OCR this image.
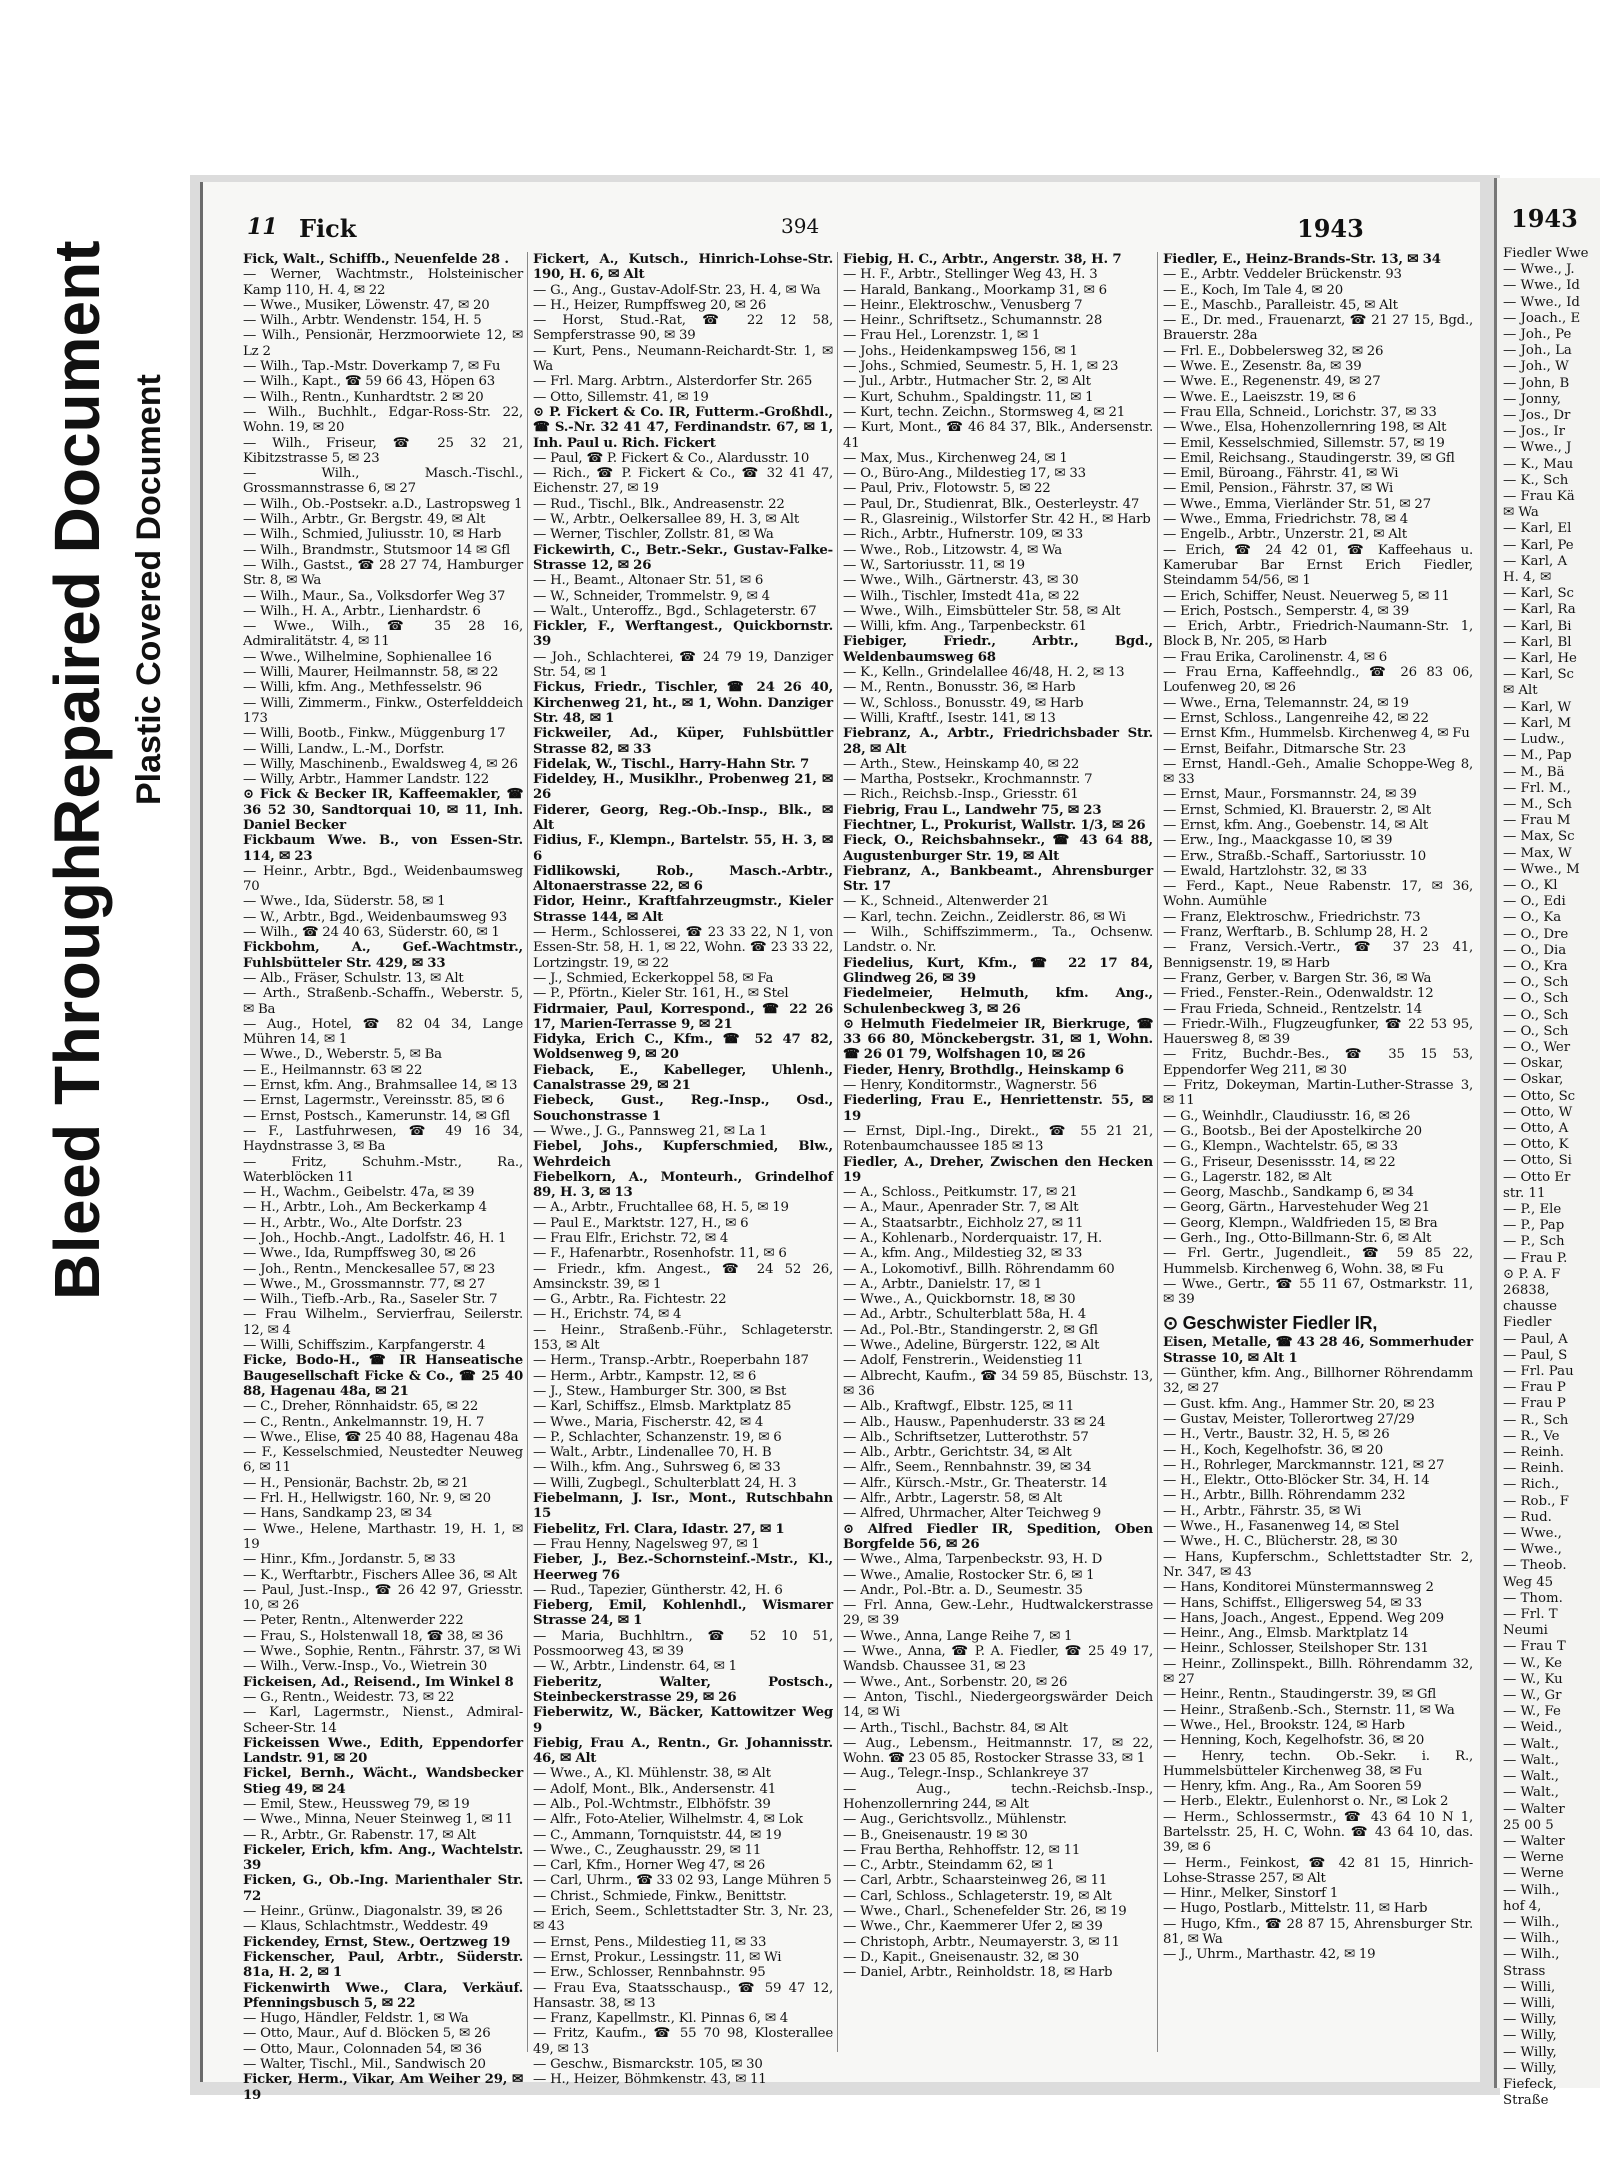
Bleed Through
Repaired Document Plastic Covered Document
11 Fick	394	1943
Fick, Walt., Schiffb., Neuenfelde 28 .
— Werner, Wachtmstr., Holsteinischer Kamp 110, H. 4, ✉ 22
— Wwe., Musiker, Löwenstr. 47, ✉ 20
— Wilh., Arbtr. Wendenstr. 154, H. 5
— Wilh., Pensionär, Herzmoorwiete 12, ✉ Lz 2
— Wilh., Tap.-Mstr. Doverkamp 7, ✉ Fu
— Wilh., Kapt., ☎ 59 66 43, Höpen 63
— Wilh., Rentn., Kunhardtstr. 2 ✉ 20
— Wilh., Buchhlt., Edgar-Ross-Str. 22, Wohn. 19, ✉ 20
— Wilh., Friseur, ☎ 25 32 21, Kibitzstrasse 5, ✉ 23
— Wilh., Masch.-Tischl., Grossmannstrasse 6, ✉ 27
— Wilh., Ob.-Postsekr. a.D., Lastropsweg 1
— Wilh., Arbtr., Gr. Bergstr. 49, ✉ Alt
— Wilh., Schmied, Juliusstr. 10, ✉ Harb
— Wilh., Brandmstr., Stutsmoor 14 ✉ Gfl
— Wilh., Gastst., ☎ 28 27 74, Hamburger Str. 8, ✉ Wa
— Wilh., Maur., Sa., Volksdorfer Weg 37
— Wilh., H. A., Arbtr., Lienhardstr. 6
— Wwe., Wilh., ☎ 35 28 16, Admiralitätstr. 4, ✉ 11
— Wwe., Wilhelmine, Sophienallee 16
— Willi, Maurer, Heilmannstr. 58, ✉ 22
— Willi, kfm. Ang., Methfesselstr. 96
— Willi, Zimmerm., Finkw., Osterfelddeich 173
— Willi, Bootb., Finkw., Müggenburg 17
— Willi, Landw., L.-M., Dorfstr.
— Willy, Maschinenb., Ewaldsweg 4, ✉ 26
— Willy, Arbtr., Hammer Landstr. 122
⊙ Fick & Becker IR, Kaffeemakler, ☎ 36 52 30, Sandtorquai 10, ✉ 11, Inh. Daniel Becker
Fickbaum Wwe. B., von Essen-Str. 114, ✉ 23
— Heinr., Arbtr., Bgd., Weidenbaumsweg 70
— Wwe., Ida, Süderstr. 58, ✉ 1
— W., Arbtr., Bgd., Weidenbaumsweg 93
— Wilh., ☎ 24 40 63, Süderstr. 60, ✉ 1
Fickbohm, A., Gef.-Wachtmstr., Fuhlsbütteler Str. 429, ✉ 33
— Alb., Fräser, Schulstr. 13, ✉ Alt
— Arth., Straßenb.-Schaffn., Weberstr. 5, ✉ Ba
— Aug., Hotel, ☎ 82 04 34, Lange Mühren 14, ✉ 1
— Wwe., D., Weberstr. 5, ✉ Ba
— E., Heilmannstr. 63 ✉ 22
— Ernst, kfm. Ang., Brahmsallee 14, ✉ 13
— Ernst, Lagermstr., Vereinsstr. 85, ✉ 6
— Ernst, Postsch., Kamerunstr. 14, ✉ Gfl
— F., Lastfuhrwesen, ☎ 49 16 34, Haydnstrasse 3, ✉ Ba
— Fritz, Schuhm.-Mstr., Ra., Waterblöcken 11
— H., Wachm., Geibelstr. 47a, ✉ 39
— H., Arbtr., Loh., Am Beckerkamp 4
— H., Arbtr., Wo., Alte Dorfstr. 23
— Joh., Hochb.-Angt., Ladolfstr. 46, H. 1
— Wwe., Ida, Rumpffsweg 30, ✉ 26
— Joh., Rentn., Menckesallee 57, ✉ 23
— Wwe., M., Grossmannstr. 77, ✉ 27
— Wilh., Tiefb.-Arb., Ra., Saseler Str. 7
— Frau Wilhelm., Servierfrau, Seilerstr. 12, ✉ 4
— Willi, Schiffszim., Karpfangerstr. 4
Ficke, Bodo-H., ☎ IR Hanseatische Baugesellschaft Ficke & Co., ☎ 25 40 88, Hagenau 48a, ✉ 21
— C., Dreher, Rönnhaidstr. 65, ✉ 22
— C., Rentn., Ankelmannstr. 19, H. 7
— Wwe., Elise, ☎ 25 40 88, Hagenau 48a
— F., Kesselschmied, Neustedter Neuweg 6, ✉ 11
— H., Pensionär, Bachstr. 2b, ✉ 21
— Frl. H., Hellwigstr. 160, Nr. 9, ✉ 20
— Hans, Sandkamp 23, ✉ 34
— Wwe., Helene, Marthastr. 19, H. 1, ✉ 19
— Hinr., Kfm., Jordanstr. 5, ✉ 33
— K., Werftarbtr., Fischers Allee 36, ✉ Alt
— Paul, Just.-Insp., ☎ 26 42 97, Griesstr. 10, ✉ 26
— Peter, Rentn., Altenwerder 222
— Frau, S., Holstenwall 18, ☎ 38, ✉ 36
— Wwe., Sophie, Rentn., Fährstr. 37, ✉ Wi
— Wilh., Verw.-Insp., Vo., Wietrein 30
Fickeisen, Ad., Reisend., Im Winkel 8
— G., Rentn., Weidestr. 73, ✉ 22
— Karl, Lagermstr., Nienst., Admiral-Scheer-Str. 14
Fickeissen Wwe., Edith, Eppendorfer Landstr. 91, ✉ 20
Fickel, Bernh., Wächt., Wandsbecker Stieg 49, ✉ 24
— Emil, Stew., Heussweg 79, ✉ 19
— Wwe., Minna, Neuer Steinweg 1, ✉ 11
— R., Arbtr., Gr. Rabenstr. 17, ✉ Alt
Fickeler, Erich, kfm. Ang., Wachtelstr. 39
Ficken, G., Ob.-Ing. Marienthaler Str. 72
— Heinr., Grünw., Diagonalstr. 39, ✉ 26
— Klaus, Schlachtmstr., Weddestr. 49
Fickendey, Ernst, Stew., Oertzweg 19
Fickenscher, Paul, Arbtr., Süderstr. 81a, H. 2, ✉ 1
Fickenwirth Wwe., Clara, Verkäuf. Pfenningsbusch 5, ✉ 22
— Hugo, Händler, Feldstr. 1, ✉ Wa
— Otto, Maur., Auf d. Blöcken 5, ✉ 26
— Otto, Maur., Colonnaden 54, ✉ 36
— Walter, Tischl., Mil., Sandwisch 20
Ficker, Herm., Vikar, Am Weiher 29, ✉ 19
Fickert, A., Kutsch., Hinrich-Lohse-Str. 190, H. 6, ✉ Alt
— G., Ang., Gustav-Adolf-Str. 23, H. 4, ✉ Wa
— H., Heizer, Rumpffsweg 20, ✉ 26
— Horst, Stud.-Rat, ☎ 22 12 58, Sempferstrasse 90, ✉ 39
— Kurt, Pens., Neumann-Reichardt-Str. 1, ✉ Wa
— Frl. Marg. Arbtrn., Alsterdorfer Str. 265
— Otto, Sillemstr. 41, ✉ 19
⊙ P. Fickert & Co. IR, Futterm.-Großhdl., ☎ S.-Nr. 32 41 47, Ferdinandstr. 67, ✉ 1, Inh. Paul u. Rich. Fickert
— Paul, ☎ P. Fickert & Co., Alardusstr. 10
— Rich., ☎ P. Fickert & Co., ☎ 32 41 47, Eichenstr. 27, ✉ 19
— Rud., Tischl., Blk., Andreasenstr. 22
— W., Arbtr., Oelkersallee 89, H. 3, ✉ Alt
— Werner, Tischler, Zollstr. 81, ✉ Wa
Fickewirth, C., Betr.-Sekr., Gustav-Falke-Strasse 12, ✉ 26
— H., Beamt., Altonaer Str. 51, ✉ 6
— W., Schneider, Trommelstr. 9, ✉ 4
— Walt., Unteroffz., Bgd., Schlageterstr. 67
Fickler, F., Werftangest., Quickbornstr. 39
— Joh., Schlachterei, ☎ 24 79 19, Danziger Str. 54, ✉ 1
Fickus, Friedr., Tischler, ☎ 24 26 40, Kirchenweg 21, ht., ✉ 1, Wohn. Danziger Str. 48, ✉ 1
Fickweiler, Ad., Küper, Fuhlsbüttler Strasse 82, ✉ 33
Fidelak, W., Tischl., Harry-Hahn Str. 7
Fideldey, H., Musiklhr., Probenweg 21, ✉ 26
Fiderer, Georg, Reg.-Ob.-Insp., Blk., ✉ Alt
Fidius, F., Klempn., Bartelstr. 55, H. 3, ✉ 6
Fidlikowski, Rob., Masch.-Arbtr., Altonaerstrasse 22, ✉ 6
Fidor, Heinr., Kraftfahrzeugmstr., Kieler Strasse 144, ✉ Alt
— Herm., Schlosserei, ☎ 23 33 22, N 1, von Essen-Str. 58, H. 1, ✉ 22, Wohn. ☎ 23 33 22, Lortzingstr. 19, ✉ 22
— J., Schmied, Eckerkoppel 58, ✉ Fa
— P., Pförtn., Kieler Str. 161, H., ✉ Stel
Fidrmaier, Paul, Korrespond., ☎ 22 26 17, Marien-Terrasse 9, ✉ 21
Fidyka, Erich C., Kfm., ☎ 52 47 82, Woldsenweg 9, ✉ 20
Fieback, E., Kabelleger, Uhlenh., Canalstrasse 29, ✉ 21
Fiebeck, Gust., Reg.-Insp., Osd., Souchonstrasse 1
— Wwe., J. G., Pannsweg 21, ✉ La 1
Fiebel, Johs., Kupferschmied, Blw., Wehrdeich
Fiebelkorn, A., Monteurh., Grindelhof 89, H. 3, ✉ 13
— A., Arbtr., Fruchtallee 68, H. 5, ✉ 19
— Paul E., Marktstr. 127, H., ✉ 6
— Frau Elfr., Erichstr. 72, ✉ 4
— F., Hafenarbtr., Rosenhofstr. 11, ✉ 6
— Friedr., kfm. Angest., ☎ 24 52 26, Amsinckstr. 39, ✉ 1
— G., Arbtr., Ra. Fichtestr. 22
— H., Erichstr. 74, ✉ 4
— Heinr., Straßenb.-Führ., Schlageterstr. 153, ✉ Alt
— Herm., Transp.-Arbtr., Roeperbahn 187
— Herm., Arbtr., Kampstr. 12, ✉ 6
— J., Stew., Hamburger Str. 300, ✉ Bst
— Karl, Schiffsz., Elmsb. Marktplatz 85
— Wwe., Maria, Fischerstr. 42, ✉ 4
— P., Schlachter, Schanzenstr. 19, ✉ 6
— Walt., Arbtr., Lindenallee 70, H. B
— Wilh., kfm. Ang., Suhrsweg 6, ✉ 33
— Willi, Zugbegl., Schulterblatt 24, H. 3
Fiebelmann, J. Isr., Mont., Rutschbahn 15
Fiebelitz, Frl. Clara, Idastr. 27, ✉ 1
— Frau Henny, Nagelsweg 97, ✉ 1
Fieber, J., Bez.-Schornsteinf.-Mstr., Kl., Heerweg 76
— Rud., Tapezier, Güntherstr. 42, H. 6
Fieberg, Emil, Kohlenhdl., Wismarer Strasse 24, ✉ 1
— Maria, Buchhltrn., ☎ 52 10 51, Possmoorweg 43, ✉ 39
— W., Arbtr., Lindenstr. 64, ✉ 1
Fieberitz, Walter, Postsch., Steinbeckerstrasse 29, ✉ 26
Fieberwitz, W., Bäcker, Kattowitzer Weg 9
Fiebig, Frau A., Rentn., Gr. Johannisstr. 46, ✉ Alt
— Wwe., A., Kl. Mühlenstr. 38, ✉ Alt
— Adolf, Mont., Blk., Andersenstr. 41
— Alb., Pol.-Wchtmstr., Elbhöfstr. 39
— Alfr., Foto-Atelier, Wilhelmstr. 4, ✉ Lok
— C., Ammann, Tornquiststr. 44, ✉ 19
— Wwe., C., Zeughausstr. 29, ✉ 11
— Carl, Kfm., Horner Weg 47, ✉ 26
— Carl, Uhrm., ☎ 33 02 93, Lange Mühren 5
— Christ., Schmiede, Finkw., Benittstr.
— Erich, Seem., Schlettstadter Str. 3, Nr. 23, ✉ 43
— Ernst, Pens., Mildestieg 11, ✉ 33
— Ernst, Prokur., Lessingstr. 11, ✉ Wi
— Erw., Schlosser, Rennbahnstr. 95
— Frau Eva, Staatsschausp., ☎ 59 47 12, Hansastr. 38, ✉ 13
— Franz, Kapellmstr., Kl. Pinnas 6, ✉ 4
— Fritz, Kaufm., ☎ 55 70 98, Klosterallee 49, ✉ 13
— Geschw., Bismarckstr. 105, ✉ 30
— H., Heizer, Böhmkenstr. 43, ✉ 11
Fiebig, H. C., Arbtr., Angerstr. 38, H. 7
— H. F., Arbtr., Stellinger Weg 43, H. 3
— Harald, Bankang., Moorkamp 31, ✉ 6
— Heinr., Elektroschw., Venusberg 7
— Heinr., Schriftsetz., Schumannstr. 28
— Frau Hel., Lorenzstr. 1, ✉ 1
— Johs., Heidenkampsweg 156, ✉ 1
— Johs., Schmied, Seumestr. 5, H. 1, ✉ 23
— Jul., Arbtr., Hutmacher Str. 2, ✉ Alt
— Kurt, Schuhm., Spaldingstr. 11, ✉ 1
— Kurt, techn. Zeichn., Stormsweg 4, ✉ 21
— Kurt, Mont., ☎ 46 84 37, Blk., Andersenstr. 41
— Max, Mus., Kirchenweg 24, ✉ 1
— O., Büro-Ang., Mildestieg 17, ✉ 33
— Paul, Priv., Flotowstr. 5, ✉ 22
— Paul, Dr., Studienrat, Blk., Oesterleystr. 47
— R., Glasreinig., Wilstorfer Str. 42 H., ✉ Harb
— Rich., Arbtr., Hufnerstr. 109, ✉ 33
— Wwe., Rob., Litzowstr. 4, ✉ Wa
— W., Sartoriusstr. 11, ✉ 19
— Wwe., Wilh., Gärtnerstr. 43, ✉ 30
— Wilh., Tischler, Imstedt 41a, ✉ 22
— Wwe., Wilh., Eimsbütteler Str. 58, ✉ Alt
— Willi, kfm. Ang., Tarpenbeckstr. 61
Fiebiger, Friedr., Arbtr., Bgd., Weldenbaumsweg 68
— K., Kelln., Grindelallee 46/48, H. 2, ✉ 13
— M., Rentn., Bonusstr. 36, ✉ Harb
— W., Schloss., Bonusstr. 49, ✉ Harb
— Willi, Kraftf., Isestr. 141, ✉ 13
Fiebranz, A., Arbtr., Friedrichsbader Str. 28, ✉ Alt
— Arth., Stew., Heinskamp 40, ✉ 22
— Martha, Postsekr., Krochmannstr. 7
— Rich., Reichsb.-Insp., Griesstr. 61
Fiebrig, Frau L., Landwehr 75, ✉ 23
Fiechtner, L., Prokurist, Wallstr. 1/3, ✉ 26
Fieck, O., Reichsbahnsekr., ☎ 43 64 88, Augustenburger Str. 19, ✉ Alt
Fiebranz, A., Bankbeamt., Ahrensburger Str. 17
— K., Schneid., Altenwerder 21
— Karl, techn. Zeichn., Zeidlerstr. 86, ✉ Wi
— Wilh., Schiffszimmerm., Ta., Ochsenw. Landstr. o. Nr.
Fiedelius, Kurt, Kfm., ☎ 22 17 84, Glindweg 26, ✉ 39
Fiedelmeier, Helmuth, kfm. Ang., Schulenbeckweg 3, ✉ 26
⊙ Helmuth Fiedelmeier IR, Bierkruge, ☎ 33 66 80, Mönckebergstr. 31, ✉ 1, Wohn. ☎ 26 01 79, Wolfshagen 10, ✉ 26
Fieder, Henry, Brothdlg., Heinskamp 6
— Henry, Konditormstr., Wagnerstr. 56
Fiederling, Frau E., Henriettenstr. 55, ✉ 19
— Ernst, Dipl.-Ing., Direkt., ☎ 55 21 21, Rotenbaumchaussee 185 ✉ 13
Fiedler, A., Dreher, Zwischen den Hecken 19
— A., Schloss., Peitkumstr. 17, ✉ 21
— A., Maur., Apenrader Str. 7, ✉ Alt
— A., Staatsarbtr., Eichholz 27, ✉ 11
— A., Kohlenarb., Norderquaistr. 17, H.
— A., kfm. Ang., Mildestieg 32, ✉ 33
— A., Lokomotivf., Billh. Röhrendamm 60
— A., Arbtr., Danielstr. 17, ✉ 1
— Wwe., A., Quickbornstr. 18, ✉ 30
— Ad., Arbtr., Schulterblatt 58a, H. 4
— Ad., Pol.-Btr., Standingerstr. 2, ✉ Gfl
— Wwe., Adeline, Bürgerstr. 122, ✉ Alt
— Adolf, Fenstrerin., Weidenstieg 11
— Albrecht, Kaufm., ☎ 34 59 85, Büschstr. 13, ✉ 36
— Alb., Kraftwgf., Elbstr. 125, ✉ 11
— Alb., Hausw., Papenhuderstr. 33 ✉ 24
— Alb., Schriftsetzer, Lutterothstr. 57
— Alb., Arbtr., Gerichtstr. 34, ✉ Alt
— Alfr., Seem., Rennbahnstr. 39, ✉ 34
— Alfr., Kürsch.-Mstr., Gr. Theaterstr. 14
— Alfr., Arbtr., Lagerstr. 58, ✉ Alt
— Alfred, Uhrmacher, Alter Teichweg 9
⊙ Alfred Fiedler IR, Spedition, Oben Borgfelde 56, ✉ 26
— Wwe., Alma, Tarpenbeckstr. 93, H. D
— Wwe., Amalie, Rostocker Str. 6, ✉ 1
— Andr., Pol.-Btr. a. D., Seumestr. 35
— Frl. Anna, Gew.-Lehr., Hudtwalckerstrasse 29, ✉ 39
— Wwe., Anna, Lange Reihe 7, ✉ 1
— Wwe., Anna, ☎ P. A. Fiedler, ☎ 25 49 17, Wandsb. Chaussee 31, ✉ 23
— Wwe., Ant., Sorbenstr. 20, ✉ 26
— Anton, Tischl., Niedergeorgswärder Deich 14, ✉ Wi
— Arth., Tischl., Bachstr. 84, ✉ Alt
— Aug., Lebensm., Heitmannstr. 17, ✉ 22, Wohn. ☎ 23 05 85, Rostocker Strasse 33, ✉ 1
— Aug., Telegr.-Insp., Schlankreye 37
— Aug., techn.-Reichsb.-Insp., Hohenzollernring 244, ✉ Alt
— Aug., Gerichtsvollz., Mühlenstr.
— B., Gneisenaustr. 19 ✉ 30
— Frau Bertha, Rehhoffstr. 12, ✉ 11
— C., Arbtr., Steindamm 62, ✉ 1
— Carl, Arbtr., Schaarsteinweg 26, ✉ 11
— Carl, Schloss., Schlageterstr. 19, ✉ Alt
— Wwe., Charl., Schenefelder Str. 26, ✉ 19
— Wwe., Chr., Kaemmerer Ufer 2, ✉ 39
— Christoph, Arbtr., Neumayerstr. 3, ✉ 11
— D., Kapit., Gneisenaustr. 32, ✉ 30
— Daniel, Arbtr., Reinholdstr. 18, ✉ Harb
Fiedler, E., Heinz-Brands-Str. 13, ✉ 34
— E., Arbtr. Veddeler Brückenstr. 93
— E., Koch, Im Tale 4, ✉ 20
— E., Maschb., Paralleistr. 45, ✉ Alt
— E., Dr. med., Frauenarzt, ☎ 21 27 15, Bgd., Brauerstr. 28a
— Frl. E., Dobbelersweg 32, ✉ 26
— Wwe. E., Zesenstr. 8a, ✉ 39
— Wwe. E., Regenenstr. 49, ✉ 27
— Wwe. E., Laeiszstr. 19, ✉ 6
— Frau Ella, Schneid., Lorichstr. 37, ✉ 33
— Wwe., Elsa, Hohenzollernring 198, ✉ Alt
— Emil, Kesselschmied, Sillemstr. 57, ✉ 19
— Emil, Reichsang., Staudingerstr. 39, ✉ Gfl
— Emil, Büroang., Fährstr. 41, ✉ Wi
— Emil, Pension., Fährstr. 37, ✉ Wi
— Wwe., Emma, Vierländer Str. 51, ✉ 27
— Wwe., Emma, Friedrichstr. 78, ✉ 4
— Engelb., Arbtr., Unzerstr. 21, ✉ Alt
— Erich, ☎ 24 42 01, ☎ Kaffeehaus u. Kamerubar Bar Ernst Erich Fiedler, Steindamm 54/56, ✉ 1
— Erich, Schiffer, Neust. Neuerweg 5, ✉ 11
— Erich, Postsch., Semperstr. 4, ✉ 39
— Erich, Arbtr., Friedrich-Naumann-Str. 1, Block B, Nr. 205, ✉ Harb
— Frau Erika, Carolinenstr. 4, ✉ 6
— Frau Erna, Kaffeehndlg., ☎ 26 83 06, Loufenweg 20, ✉ 26
— Wwe., Erna, Telemannstr. 24, ✉ 19
— Ernst, Schloss., Langenreihe 42, ✉ 22
— Ernst Kfm., Hummelsb. Kirchenweg 4, ✉ Fu
— Ernst, Beifahr., Ditmarsche Str. 23
— Ernst, Handl.-Geh., Amalie Schoppe-Weg 8, ✉ 33
— Ernst, Maur., Forsmannstr. 24, ✉ 39
— Ernst, Schmied, Kl. Brauerstr. 2, ✉ Alt
— Ernst, kfm. Ang., Goebenstr. 14, ✉ Alt
— Erw., Ing., Maackgasse 10, ✉ 39
— Erw., Straßb.-Schaff., Sartoriusstr. 10
— Ewald, Hartzlohstr. 32, ✉ 33
— Ferd., Kapt., Neue Rabenstr. 17, ✉ 36, Wohn. Aumühle
— Franz, Elektroschw., Friedrichstr. 73
— Franz, Werftarb., B. Schlump 28, H. 2
— Franz, Versich.-Vertr., ☎ 37 23 41, Bennigsenstr. 19, ✉ Harb
— Franz, Gerber, v. Bargen Str. 36, ✉ Wa
— Fried., Fenster.-Rein., Odenwaldstr. 12
— Frau Frieda, Schneid., Rentzelstr. 14
— Friedr.-Wilh., Flugzeugfunker, ☎ 22 53 95, Hauersweg 8, ✉ 39
— Fritz, Buchdr.-Bes., ☎ 35 15 53, Eppendorfer Weg 211, ✉ 30
— Fritz, Dokeyman, Martin-Luther-Strasse 3, ✉ 11
— G., Weinhdlr., Claudiusstr. 16, ✉ 26
— G., Bootsb., Bei der Apostelkirche 20
— G., Klempn., Wachtelstr. 65, ✉ 33
— G., Friseur, Desenissstr. 14, ✉ 22
— G., Lagerstr. 182, ✉ Alt
— Georg, Maschb., Sandkamp 6, ✉ 34
— Georg, Gärtn., Harvestehuder Weg 21
— Georg, Klempn., Waldfrieden 15, ✉ Bra
— Gerh., Ing., Otto-Billmann-Str. 6, ✉ Alt
— Frl. Gertr., Jugendleit., ☎ 59 85 22, Hummelsb. Kirchenweg 6, Wohn. 38, ✉ Fu
— Wwe., Gertr., ☎ 55 11 67, Ostmarkstr. 11, ✉ 39
⊙ Geschwister Fiedler IR,
Eisen, Metalle, ☎ 43 28 46, Sommerhuder Strasse 10, ✉ Alt 1
— Günther, kfm. Ang., Billhorner Röhrendamm 32, ✉ 27
— Gust. kfm. Ang., Hammer Str. 20, ✉ 23
— Gustav, Meister, Tollerortweg 27/29
— H., Vertr., Baustr. 32, H. 5, ✉ 26
— H., Koch, Kegelhofstr. 36, ✉ 20
— H., Rohrleger, Marckmannstr. 121, ✉ 27
— H., Elektr., Otto-Blöcker Str. 34, H. 14
— H., Arbtr., Billh. Röhrendamm 232
— H., Arbtr., Fährstr. 35, ✉ Wi
— Wwe., H., Fasanenweg 14, ✉ Stel
— Wwe., H. C., Blücherstr. 28, ✉ 30
— Hans, Kupferschm., Schlettstadter Str. 2, Nr. 347, ✉ 43
— Hans, Konditorei Münstermannsweg 2
— Hans, Schiffst., Elligersweg 54, ✉ 33
— Hans, Joach., Angest., Eppend. Weg 209
— Heinr., Ang., Elmsb. Marktplatz 14
— Heinr., Schlosser, Steilshoper Str. 131
— Heinr., Zollinspekt., Billh. Röhrendamm 32, ✉ 27
— Heinr., Rentn., Staudingerstr. 39, ✉ Gfl
— Heinr., Straßenb.-Sch., Sternstr. 11, ✉ Wa
— Wwe., Hel., Brookstr. 124, ✉ Harb
— Henning, Koch, Kegelhofstr. 36, ✉ 20
— Henry, techn. Ob.-Sekr. i. R., Hummelsbütteler Kirchenweg 38, ✉ Fu
— Henry, kfm. Ang., Ra., Am Sooren 59
— Herb., Elektr., Eulenhorst o. Nr., ✉ Lok 2
— Herm., Schlossermstr., ☎ 43 64 10 N 1, Bartelsstr. 25, H. C, Wohn. ☎ 43 64 10, das. 39, ✉ 6
— Herm., Feinkost, ☎ 42 81 15, Hinrich-Lohse-Strasse 257, ✉ Alt
— Hinr., Melker, Sinstorf 1
— Hugo, Postlarb., Mittelstr. 11, ✉ Harb
— Hugo, Kfm., ☎ 28 87 15, Ahrensburger Str. 81, ✉ Wa
— J., Uhrm., Marthastr. 42, ✉ 19
1943
Fiedler Wwe
— Wwe., J.
— Wwe., Id
— Wwe., Id
— Joach., E
— Joh., Pe
— Joh., La
— Joh., W
— John, B
— Jonny,
— Jos., Dr
— Jos., Ir
— Wwe., J
— K., Mau
— K., Sch
— Frau Kä
✉ Wa
— Karl, El
— Karl, Pe
— Karl, A
H. 4, ✉
— Karl, Sc
— Karl, Ra
— Karl, Bi
— Karl, Bl
— Karl, He
— Karl, Sc
✉ Alt
— Karl, W
— Karl, M
— Ludw.,
— M., Pap
— M., Bä
— Frl. M.,
— M., Sch
— Frau M
— Max, Sc
— Max, W
— Wwe., M
— O., Kl
— O., Edi
— O., Ka
— O., Dre
— O., Dia
— O., Kra
— O., Sch
— O., Sch
— O., Sch
— O., Sch
— O., Wer
— Oskar,
— Oskar,
— Otto, Sc
— Otto, W
— Otto, A
— Otto, K
— Otto, Si
— Otto Er
str. 11
— P., Ele
— P., Pap
— P., Sch
— Frau P.
⊙ P. A. F
26838,
chausse
Fiedler
— Paul, A
— Paul, S
— Frl. Pau
— Frau P
— Frau P
— R., Sch
— R., Ve
— Reinh.
— Reinh.
— Rich.,
— Rob., F
— Rud.
— Wwe.,
— Wwe.,
— Theob.
Weg 45
— Thom.
— Frl. T
Neumi
— Frau T
— W., Ke
— W., Ku
— W., Gr
— W., Fe
— Weid.,
— Walt.,
— Walt.,
— Walt.,
— Walt.,
— Walter
25 00 5
— Walter
— Werne
— Werne
— Wilh.,
hof 4,
— Wilh.,
— Wilh.,
— Wilh.,
Strass
— Willi,
— Willi,
— Willy,
— Willy,
— Willy,
— Willy,
Fiefeck,
Straße
